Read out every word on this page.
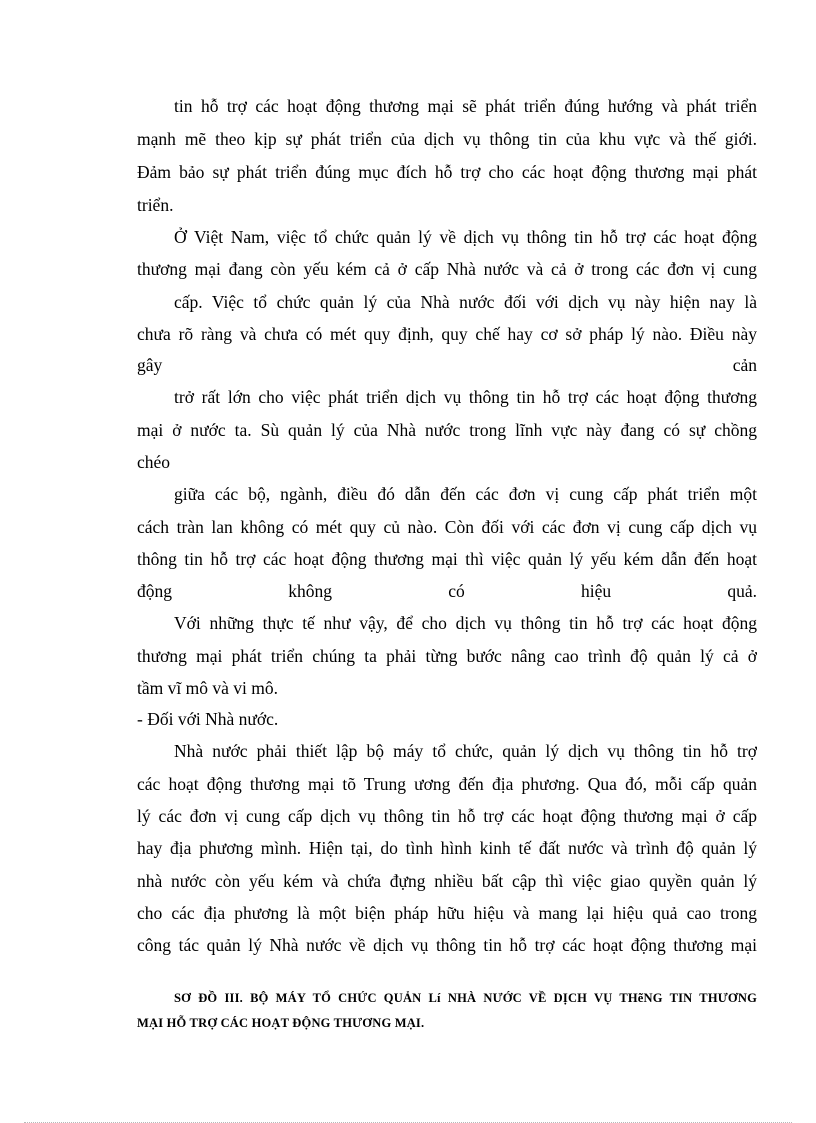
tin hỗ trợ các hoạt động thương mại sẽ phát triển đúng hướng và phát triển
mạnh mẽ theo kịp sự phát triển của dịch vụ thông tin của khu vực và thế giới.
Đảm bảo sự phát triển đúng mục đích hỗ trợ cho các hoạt động thương mại phát
triển.
Ở Việt Nam, việc tổ chức quản lý về dịch vụ thông tin hỗ trợ các hoạt động
thương mại đang còn yếu kém cả ở cấp Nhà nước và cả ở trong các đơn vị cung
cấp. Việc tổ chức quản lý của Nhà nước đối với dịch vụ này hiện nay là
chưa rõ ràng và chưa có mét quy định, quy chế hay cơ sở pháp lý nào. Điều này
gây cản
trở rất lớn cho việc phát triển dịch vụ thông tin hỗ trợ các hoạt động thương
mại ở nước ta. Sù quản lý của Nhà nước trong lĩnh vực này đang có sự chồng
chéo
giữa các bộ, ngành, điều đó dẫn đến các đơn vị cung cấp phát triển một
cách tràn lan không có mét quy củ nào. Còn đối với các đơn vị cung cấp dịch vụ
thông tin hỗ trợ các hoạt động thương mại thì việc quản lý yếu kém dẫn đến hoạt
động không có hiệu quả.
Với những thực tế như vậy, để cho dịch vụ thông tin hỗ trợ các hoạt động
thương mại phát triển chúng ta phải từng bước nâng cao trình độ quản lý cả ở
tầm vĩ mô và vi mô.
- Đối với Nhà nước.
Nhà nước phải thiết lập bộ máy tổ chức, quản lý dịch vụ thông tin hỗ trợ
các hoạt động thương mại tõ Trung ương đến địa phương. Qua đó, mỗi cấp quản
lý các đơn vị cung cấp dịch vụ thông tin hỗ trợ các hoạt động thương mại ở cấp
hay địa phương mình. Hiện tại, do tình hình kinh tế đất nước và trình độ quản lý
nhà nước còn yếu kém và chứa đựng nhiều bất cập thì việc giao quyền quản lý
cho các địa phương là một biện pháp hữu hiệu và mang lại hiệu quả cao trong
công tác quản lý Nhà nước về dịch vụ thông tin hỗ trợ các hoạt động thương mại
SƠ ĐỒ III. BỘ MÁY TỔ CHỨC QUẢN Lí NHÀ NƯỚC VỀ DỊCH VỤ THẽNG TIN THƯƠNG
MẠI HỖ TRỢ CÁC HOẠT ĐỘNG THƯƠNG MẠI.
